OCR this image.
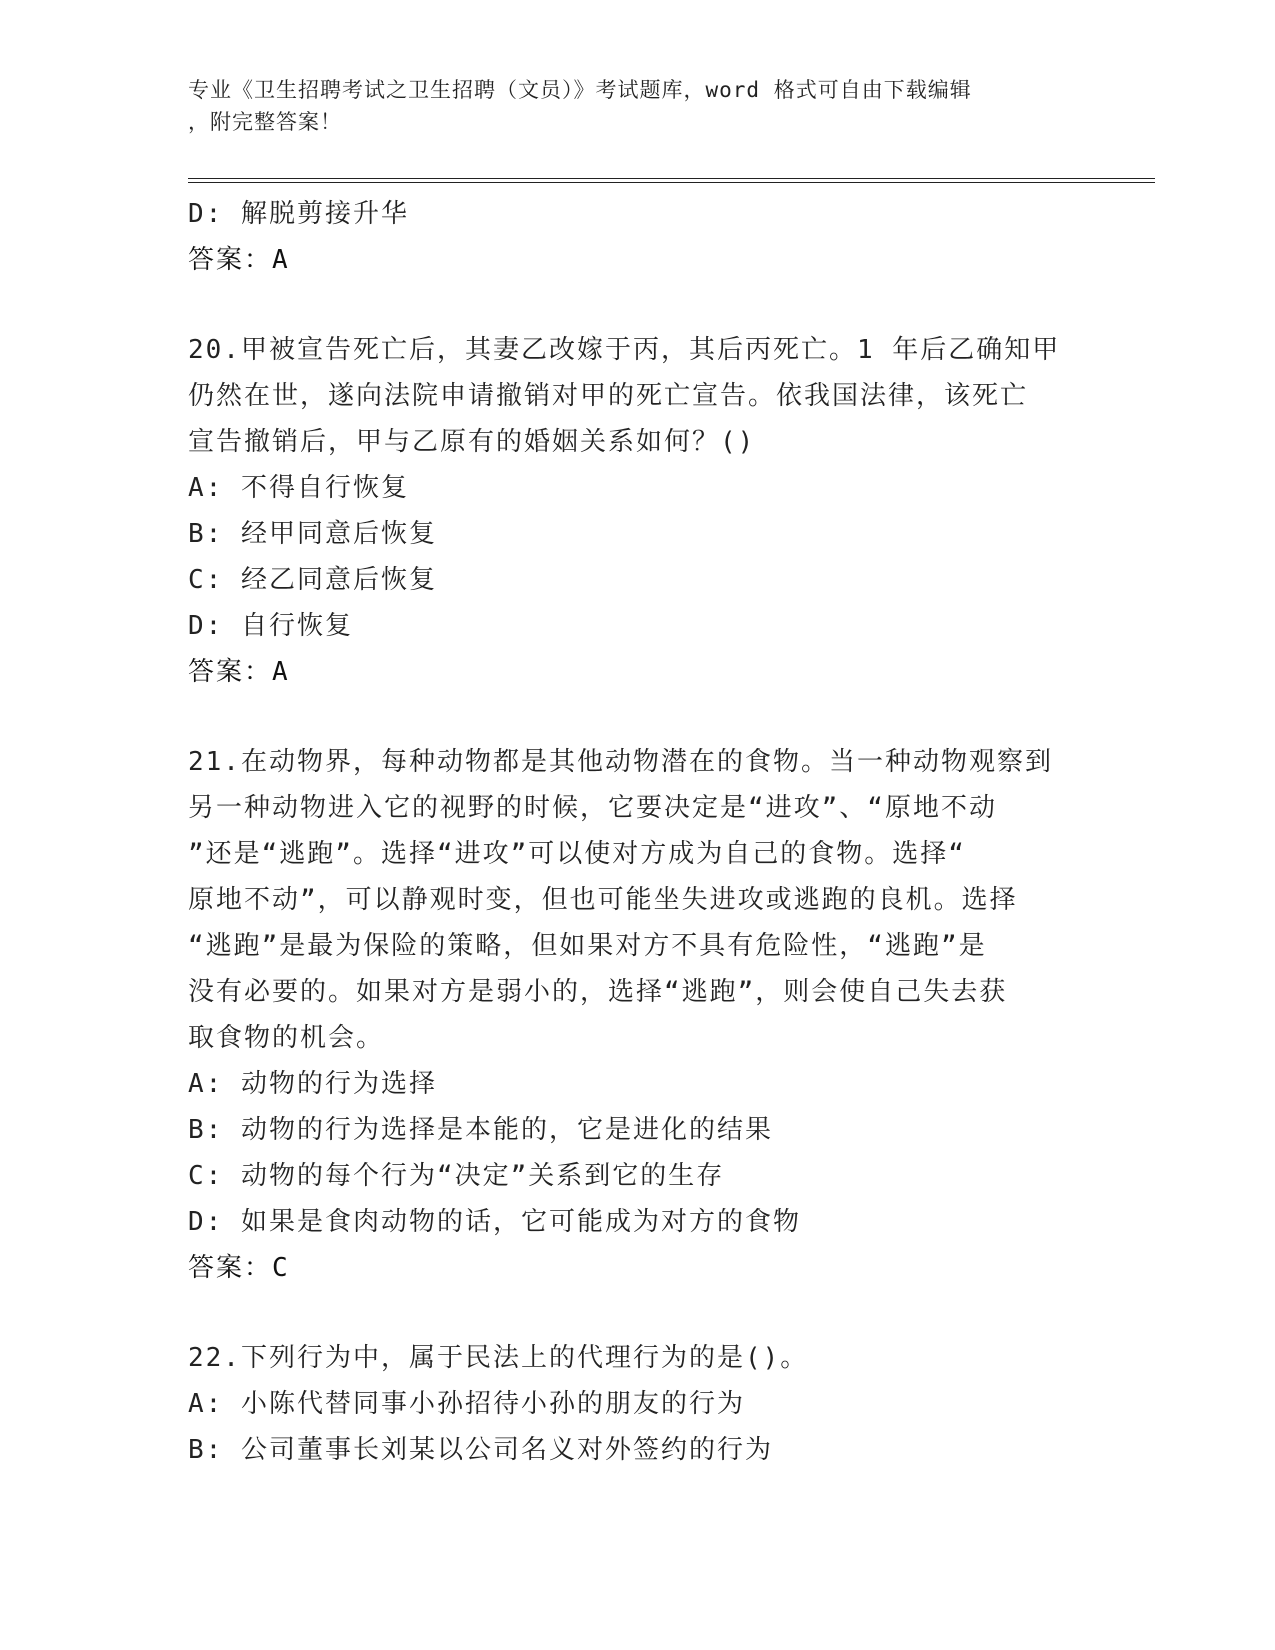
专业《卫生招聘考试之卫生招聘（文员）》考试题库，word 格式可自由下载编辑
，附完整答案！
D: 解脱剪接升华
答案：A
20.甲被宣告死亡后，其妻乙改嫁于丙，其后丙死亡。1 年后乙确知甲
仍然在世，遂向法院申请撤销对甲的死亡宣告。依我国法律，该死亡
宣告撤销后，甲与乙原有的婚姻关系如何？()
A: 不得自行恢复
B: 经甲同意后恢复
C: 经乙同意后恢复
D: 自行恢复
答案：A
21.在动物界，每种动物都是其他动物潜在的食物。当一种动物观察到
另一种动物进入它的视野的时候，它要决定是“进攻”、“原地不动
”还是“逃跑”。选择“进攻”可以使对方成为自己的食物。选择“
原地不动”，可以静观时变，但也可能坐失进攻或逃跑的良机。选择
“逃跑”是最为保险的策略，但如果对方不具有危险性，“逃跑”是
没有必要的。如果对方是弱小的，选择“逃跑”，则会使自己失去获
取食物的机会。
A: 动物的行为选择
B: 动物的行为选择是本能的，它是进化的结果
C: 动物的每个行为“决定”关系到它的生存
D: 如果是食肉动物的话，它可能成为对方的食物
答案：C
22.下列行为中，属于民法上的代理行为的是()。
A: 小陈代替同事小孙招待小孙的朋友的行为
B: 公司董事长刘某以公司名义对外签约的行为
